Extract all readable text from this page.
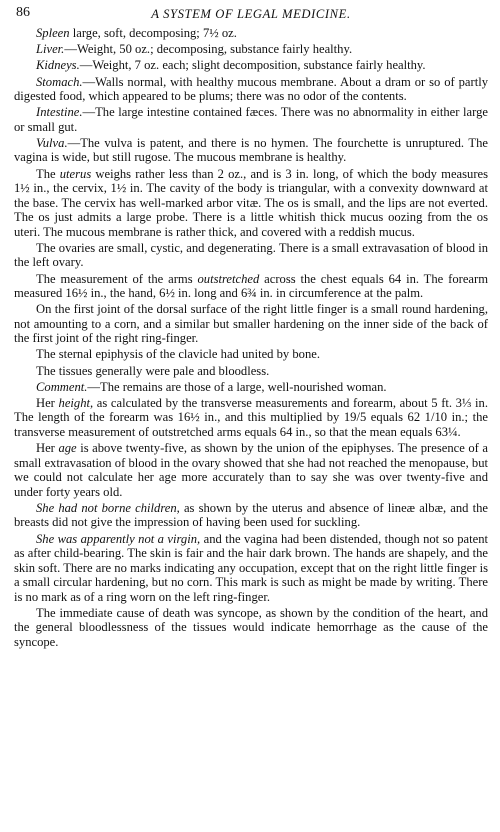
86	A SYSTEM OF LEGAL MEDICINE.

Spleen large, soft, decomposing; 7½ oz.

Liver.—Weight, 50 oz.; decomposing, substance fairly healthy.

Kidneys.—Weight, 7 oz. each; slight decomposition, substance fairly healthy.

Stomach.—Walls normal, with healthy mucous membrane. About a dram or so of partly digested food, which appeared to be plums; there was no odor of the contents.

Intestine.—The large intestine contained fæces. There was no abnormality in either large or small gut.

Vulva.—The vulva is patent, and there is no hymen. The fourchette is unruptured. The vagina is wide, but still rugose. The mucous membrane is healthy.

The uterus weighs rather less than 2 oz., and is 3 in. long, of which the body measures 1½ in., the cervix, 1½ in. The cavity of the body is triangular, with a convexity downward at the base. The cervix has well-marked arbor vitæ. The os is small, and the lips are not everted. The os just admits a large probe. There is a little whitish thick mucus oozing from the os uteri. The mucous membrane is rather thick, and covered with a reddish mucus.

The ovaries are small, cystic, and degenerating. There is a small extravasation of blood in the left ovary.

The measurement of the arms outstretched across the chest equals 64 in. The forearm measured 16½ in., the hand, 6½ in. long and 6¾ in. in circumference at the palm.

On the first joint of the dorsal surface of the right little finger is a small round hardening, not amounting to a corn, and a similar but smaller hardening on the inner side of the back of the first joint of the right ring-finger.

The sternal epiphysis of the clavicle had united by bone.

The tissues generally were pale and bloodless.

Comment.—The remains are those of a large, well-nourished woman.

Her height, as calculated by the transverse measurements and forearm, about 5 ft. 3⅓ in. The length of the forearm was 16½ in., and this multiplied by 19/5 equals 62 1/10 in.; the transverse measurement of outstretched arms equals 64 in., so that the mean equals 63¼.

Her age is above twenty-five, as shown by the union of the epiphyses. The presence of a small extravasation of blood in the ovary showed that she had not reached the menopause, but we could not calculate her age more accurately than to say she was over twenty-five and under forty years old.

She had not borne children, as shown by the uterus and absence of lineæ albæ, and the breasts did not give the impression of having been used for suckling.

She was apparently not a virgin, and the vagina had been distended, though not so patent as after child-bearing. The skin is fair and the hair dark brown. The hands are shapely, and the skin soft. There are no marks indicating any occupation, except that on the right little finger is a small circular hardening, but no corn. This mark is such as might be made by writing. There is no mark as of a ring worn on the left ring-finger.

The immediate cause of death was syncope, as shown by the condition of the heart, and the general bloodlessness of the tissues would indicate hemorrhage as the cause of the syncope.
